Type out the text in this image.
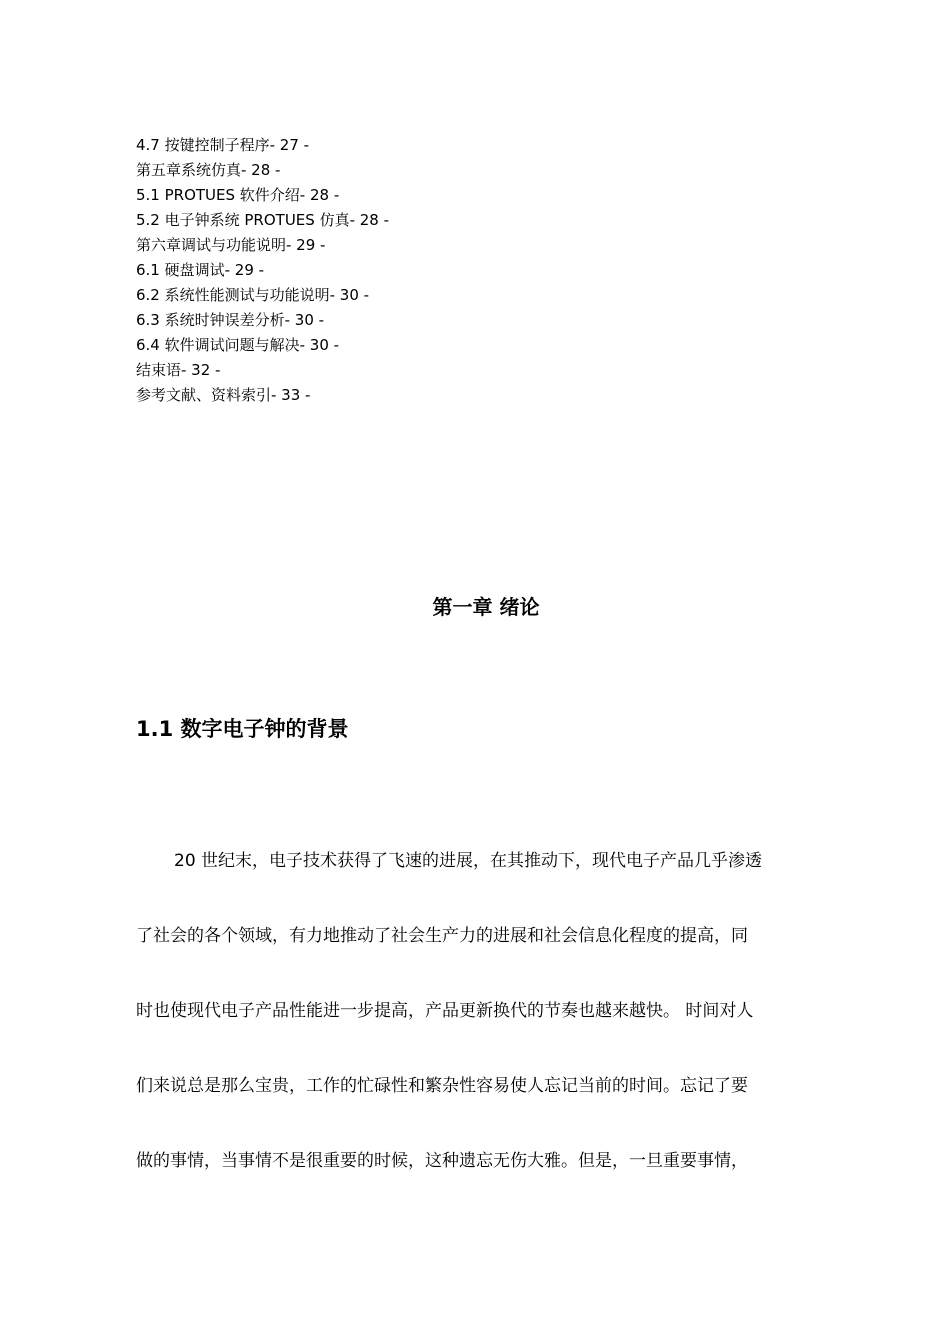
4.7 按键控制子程序- 27 -
第五章系统仿真- 28 -
5.1 PROTUES 软件介绍- 28 -
5.2 电子钟系统 PROTUES 仿真- 28 -
第六章调试与功能说明- 29 -
6.1 硬盘调试- 29 -
6.2 系统性能测试与功能说明- 30 -
6.3 系统时钟误差分析- 30 -
6.4 软件调试问题与解决- 30 -
结束语- 32 -
参考文献、资料索引- 33 -
第一章 绪论
1.1 数字电子钟的背景
20 世纪末，电子技术获得了飞速的进展，在其推动下，现代电子产品几乎渗透
了社会的各个领域，有力地推动了社会生产力的进展和社会信息化程度的提高，同
时也使现代电子产品性能进一步提高，产品更新换代的节奏也越来越快。 时间对人
们来说总是那么宝贵，工作的忙碌性和繁杂性容易使人忘记当前的时间。忘记了要
做的事情，当事情不是很重要的时候，这种遗忘无伤大雅。但是，一旦重要事情，
